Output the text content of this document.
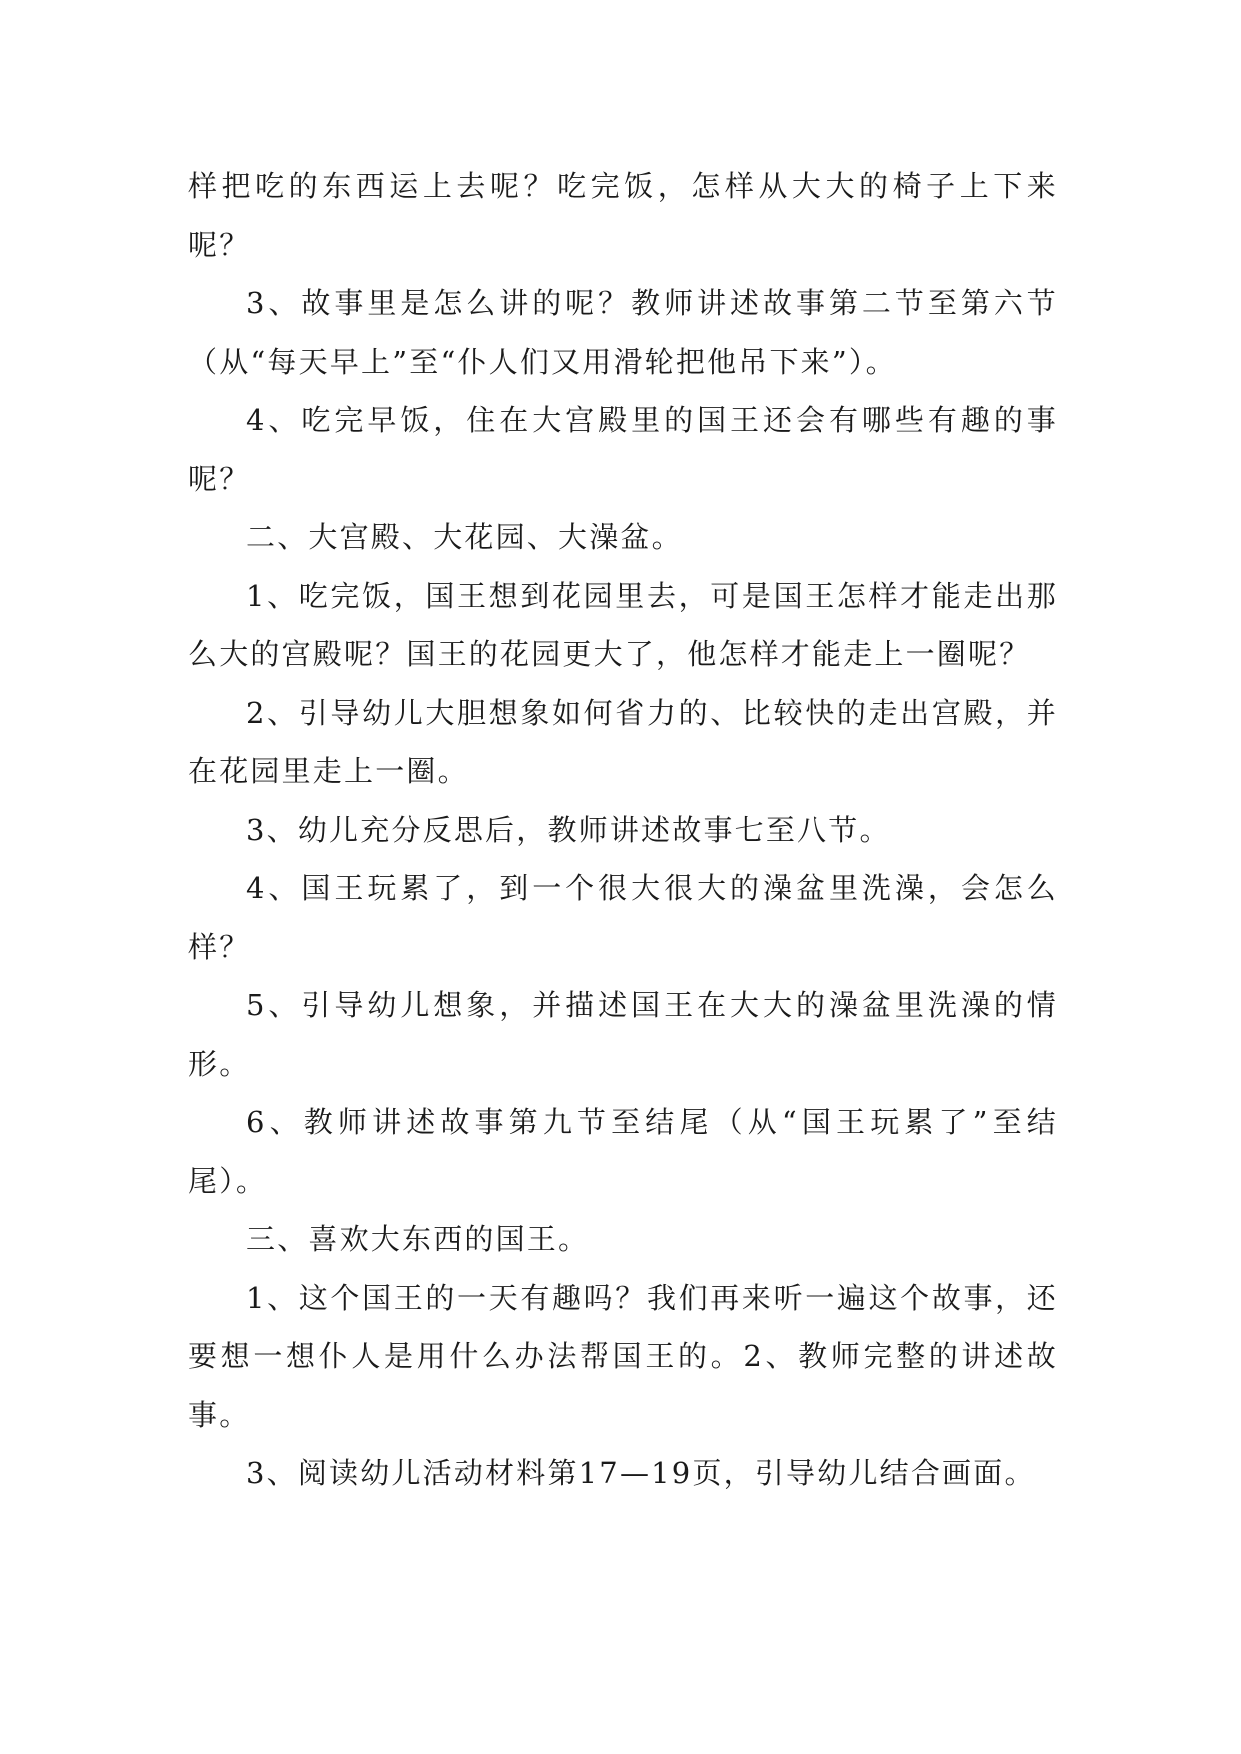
样把吃的东西运上去呢？吃完饭，怎样从大大的椅子上下来呢？

3、故事里是怎么讲的呢？教师讲述故事第二节至第六节（从“每天早上”至“仆人们又用滑轮把他吊下来”）。

4、吃完早饭，住在大宫殿里的国王还会有哪些有趣的事呢？

二、大宫殿、大花园、大澡盆。

1、吃完饭，国王想到花园里去，可是国王怎样才能走出那么大的宫殿呢？国王的花园更大了，他怎样才能走上一圈呢？

2、引导幼儿大胆想象如何省力的、比较快的走出宫殿，并在花园里走上一圈。

3、幼儿充分反思后，教师讲述故事七至八节。

4、国王玩累了，到一个很大很大的澡盆里洗澡，会怎么样？

5、引导幼儿想象，并描述国王在大大的澡盆里洗澡的情形。

6、教师讲述故事第九节至结尾（从“国王玩累了”至结尾）。

三、喜欢大东西的国王。

1、这个国王的一天有趣吗？我们再来听一遍这个故事，还要想一想仆人是用什么办法帮国王的。2、教师完整的讲述故事。

3、阅读幼儿活动材料第17—19页，引导幼儿结合画面。
